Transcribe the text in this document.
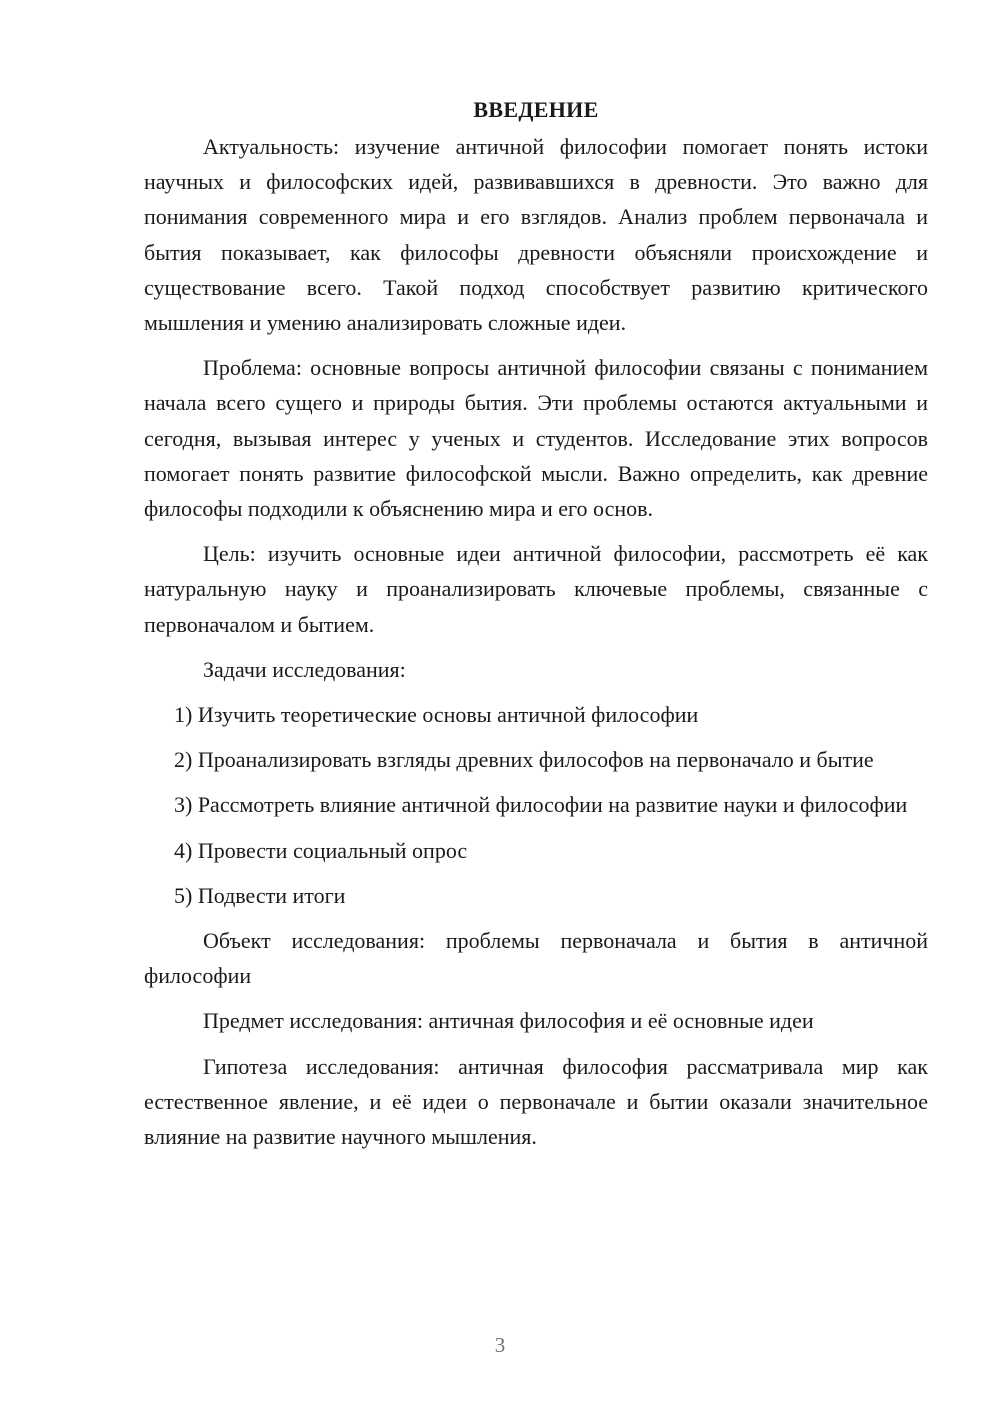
ВВЕДЕНИЕ

Актуальность: изучение античной философии помогает понять истоки научных и философских идей, развивавшихся в древности. Это важно для понимания современного мира и его взглядов. Анализ проблем первоначала и бытия показывает, как философы древности объясняли происхождение и существование всего. Такой подход способствует развитию критического мышления и умению анализировать сложные идеи.

Проблема: основные вопросы античной философии связаны с пониманием начала всего сущего и природы бытия. Эти проблемы остаются актуальными и сегодня, вызывая интерес у ученых и студентов. Исследование этих вопросов помогает понять развитие философской мысли. Важно определить, как древние философы подходили к объяснению мира и его основ.

Цель: изучить основные идеи античной философии, рассмотреть её как натуральную науку и проанализировать ключевые проблемы, связанные с первоначалом и бытием.

Задачи исследования:

1) Изучить теоретические основы античной философии

2) Проанализировать взгляды древних философов на первоначало и бытие

3) Рассмотреть влияние античной философии на развитие науки и философии

4) Провести социальный опрос

5) Подвести итоги

Объект исследования: проблемы первоначала и бытия в античной философии

Предмет исследования: античная философия и её основные идеи

Гипотеза исследования: античная философия рассматривала мир как естественное явление, и её идеи о первоначале и бытии оказали значительное влияние на развитие научного мышления.

3
